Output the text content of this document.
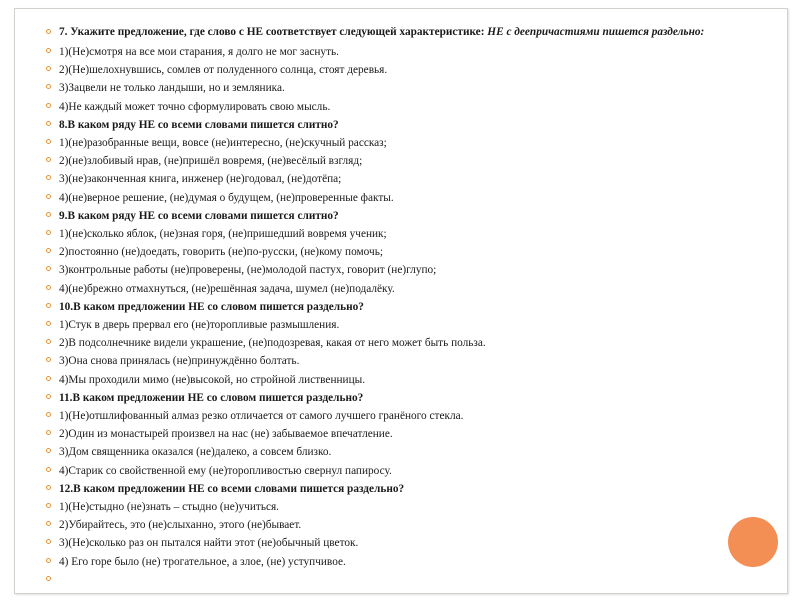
7. Укажите предложение, где слово с НЕ соответствует следующей характеристике: НЕ с деепричастиями пишется раздельно:
1)(Не)смотря на все мои старания, я долго не мог заснуть.
2)(Не)шелохнувшись, сомлев от полуденного солнца, стоят деревья.
3)Зацвели не только ландыши, но и земляника.
4)Не каждый может точно сформулировать свою мысль.
8.В каком ряду НЕ со всеми словами пишется слитно?
1)(не)разобранные вещи, вовсе (не)интересно, (не)скучный рассказ;
2)(не)злобивый нрав, (не)пришёл вовремя, (не)весёлый взгляд;
3)(не)законченная книга, инженер (не)годовал, (не)дотёпа;
4)(не)верное решение, (не)думая о будущем, (не)проверенные факты.
9.В каком ряду НЕ со всеми словами пишется слитно?
1)(не)сколько яблок, (не)зная горя, (не)пришедший вовремя ученик;
2)постоянно (не)доедать, говорить (не)по-русски, (не)кому помочь;
3)контрольные работы (не)проверены, (не)молодой пастух, говорит (не)глупо;
4)(не)брежно отмахнуться, (не)решённая задача, шумел (не)подалёку.
10.В каком предложении НЕ со словом пишется раздельно?
1)Стук в дверь прервал его (не)торопливые размышления.
2)В подсолнечнике видели украшение, (не)подозревая, какая от него может быть польза.
3)Она снова принялась (не)принуждённо болтать.
4)Мы проходили мимо (не)высокой, но стройной лиственницы.
11.В каком предложении НЕ со словом пишется раздельно?
1)(Не)отшлифованный алмаз резко отличается от самого лучшего гранёного стекла.
2)Один из монастырей произвел на нас (не) забываемое впечатление.
3)Дом священника оказался (не)далеко, а совсем близко.
4)Старик со свойственной ему (не)торопливостью свернул папиросу.
12.В каком предложении НЕ со всеми словами пишется раздельно?
1)(Не)стыдно (не)знать – стыдно (не)учиться.
2)Убирайтесь, это (не)слыханно, этого (не)бывает.
3)(Не)сколько раз он пытался найти этот (не)обычный цветок.
4) Его горе было (не) трогательное, а злое, (не) уступчивое.
